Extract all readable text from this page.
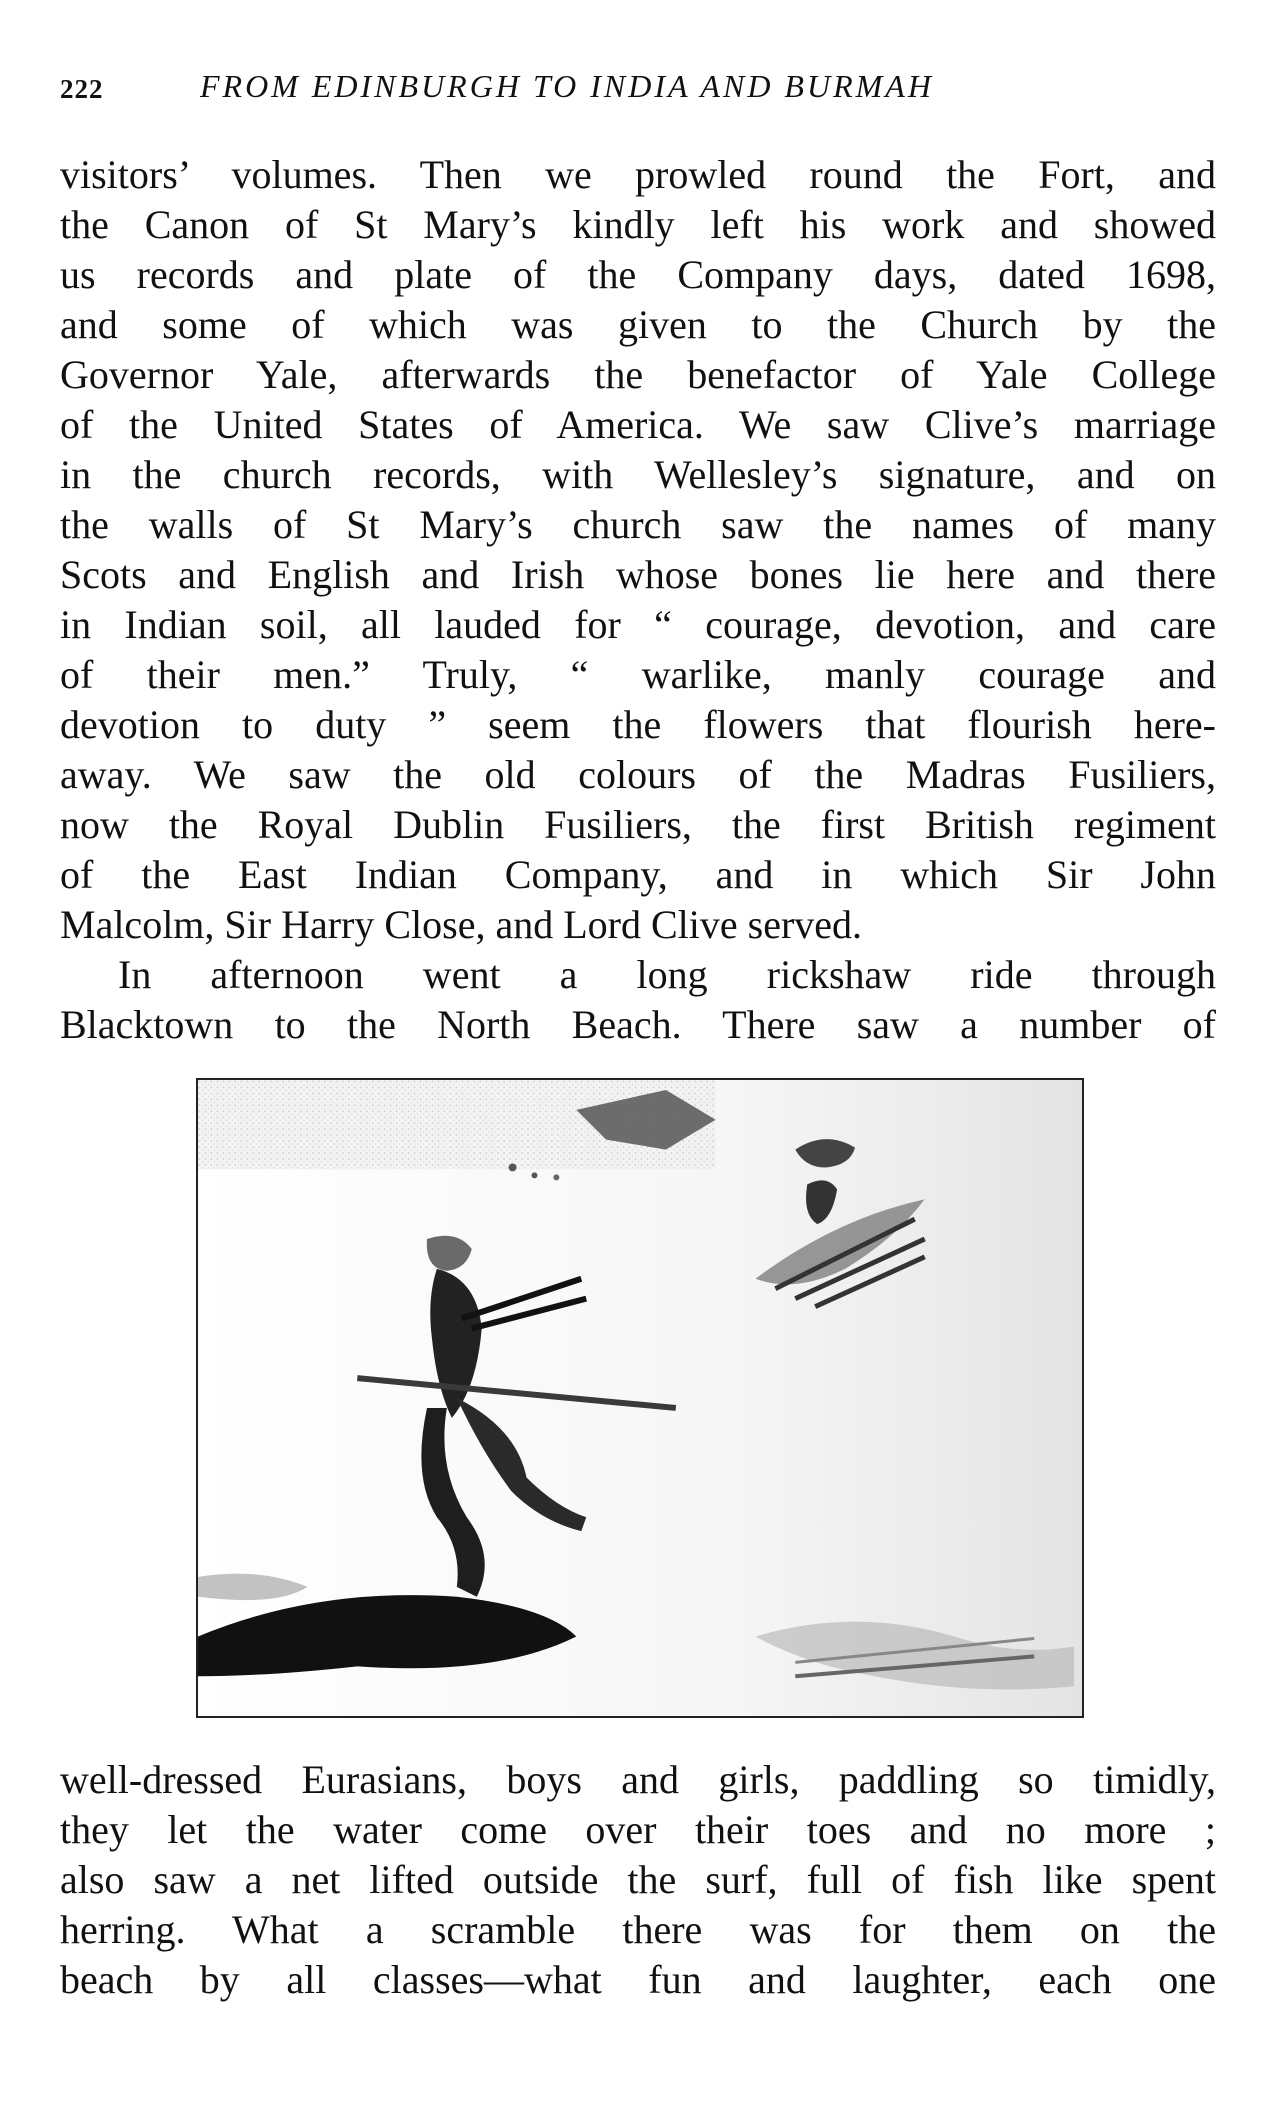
222	FROM EDINBURGH TO INDIA AND BURMAH
visitors’ volumes. Then we prowled round the Fort, and
the Canon of St Mary’s kindly left his work and showed
us records and plate of the Company days, dated 1698,
and some of which was given to the Church by the
Governor Yale, afterwards the benefactor of Yale College
of the United States of America. We saw Clive’s marriage
in the church records, with Wellesley’s signature, and on
the walls of St Mary’s church saw the names of many
Scots and English and Irish whose bones lie here and there
in Indian soil, all lauded for “ courage, devotion, and care
of their men.” Truly, “ warlike, manly courage and
devotion to duty ” seem the flowers that flourish here-
away. We saw the old colours of the Madras Fusiliers,
now the Royal Dublin Fusiliers, the first British regiment
of the East Indian Company, and in which Sir John
Malcolm, Sir Harry Close, and Lord Clive served.
In afternoon went a long rickshaw ride through
Blacktown to the North Beach. There saw a number of
well-dressed Eurasians, boys and girls, paddling so timidly,
they let the water come over their toes and no more ;
also saw a net lifted outside the surf, full of fish like spent
herring. What a scramble there was for them on the
beach by all classes—what fun and laughter, each one
